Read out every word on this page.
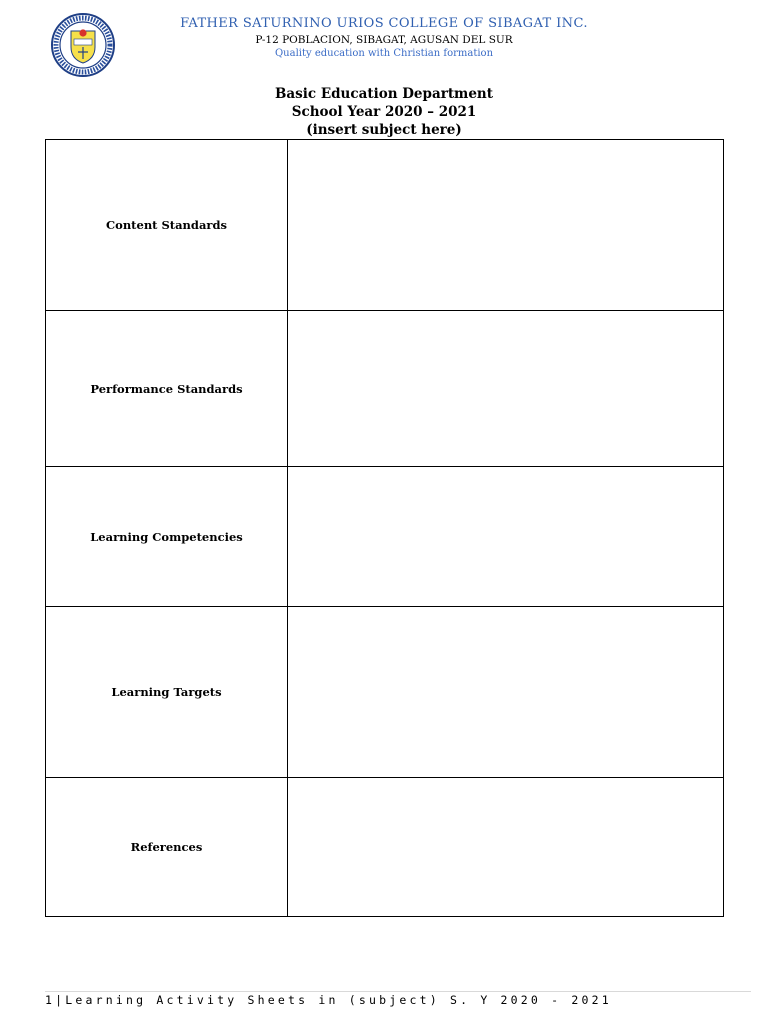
FATHER SATURNINO URIOS COLLEGE OF SIBAGAT INC.
P-12 POBLACION, SIBAGAT, AGUSAN DEL SUR
Quality education with Christian formation
Basic Education Department
School Year 2020 – 2021
(insert subject here)
Content Standards	
Performance Standards	
Learning Competencies	
Learning Targets	
References	
1|Learning Activity Sheets in (subject) S. Y 2020 - 2021
